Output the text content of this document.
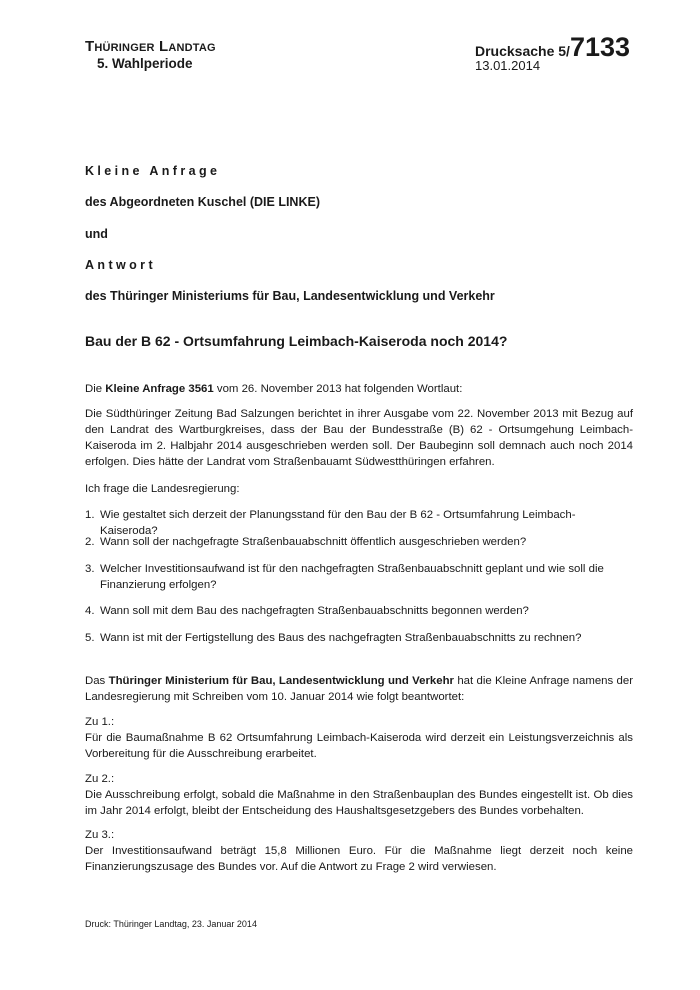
Thüringer Landtag
5. Wahlperiode
Drucksache 5/ 7133
13.01.2014
Kleine Anfrage
des Abgeordneten Kuschel (DIE LINKE)
und
Antwort
des Thüringer Ministeriums für Bau, Landesentwicklung und Verkehr
Bau der B 62 - Ortsumfahrung Leimbach-Kaiseroda noch 2014?
Die Kleine Anfrage 3561 vom 26. November 2013 hat folgenden Wortlaut:
Die Südthüringer Zeitung Bad Salzungen berichtet in ihrer Ausgabe vom 22. November 2013 mit Bezug auf den Landrat des Wartburgkreises, dass der Bau der Bundesstraße (B) 62 - Ortsumgehung Leimbach-Kaiseroda im 2. Halbjahr 2014 ausgeschrieben werden soll. Der Baubeginn soll demnach auch noch 2014 erfolgen. Dies hätte der Landrat vom Straßenbauamt Südwestthüringen erfahren.
Ich frage die Landesregierung:
1. Wie gestaltet sich derzeit der Planungsstand für den Bau der B 62 - Ortsumfahrung Leimbach-Kaiseroda?
2. Wann soll der nachgefragte Straßenbauabschnitt öffentlich ausgeschrieben werden?
3. Welcher Investitionsaufwand ist für den nachgefragten Straßenbauabschnitt geplant und wie soll die Finanzierung erfolgen?
4. Wann soll mit dem Bau des nachgefragten Straßenbauabschnitts begonnen werden?
5. Wann ist mit der Fertigstellung des Baus des nachgefragten Straßenbauabschnitts zu rechnen?
Das Thüringer Ministerium für Bau, Landesentwicklung und Verkehr hat die Kleine Anfrage namens der Landesregierung mit Schreiben vom 10. Januar 2014 wie folgt beantwortet:
Zu 1.:
Für die Baumaßnahme B 62 Ortsumfahrung Leimbach-Kaiseroda wird derzeit ein Leistungsverzeichnis als Vorbereitung für die Ausschreibung erarbeitet.
Zu 2.:
Die Ausschreibung erfolgt, sobald die Maßnahme in den Straßenbauplan des Bundes eingestellt ist. Ob dies im Jahr 2014 erfolgt, bleibt der Entscheidung des Haushaltsgesetzgebers des Bundes vorbehalten.
Zu 3.:
Der Investitionsaufwand beträgt 15,8 Millionen Euro. Für die Maßnahme liegt derzeit noch keine Finanzierungszusage des Bundes vor. Auf die Antwort zu Frage 2 wird verwiesen.
Druck: Thüringer Landtag, 23. Januar 2014
